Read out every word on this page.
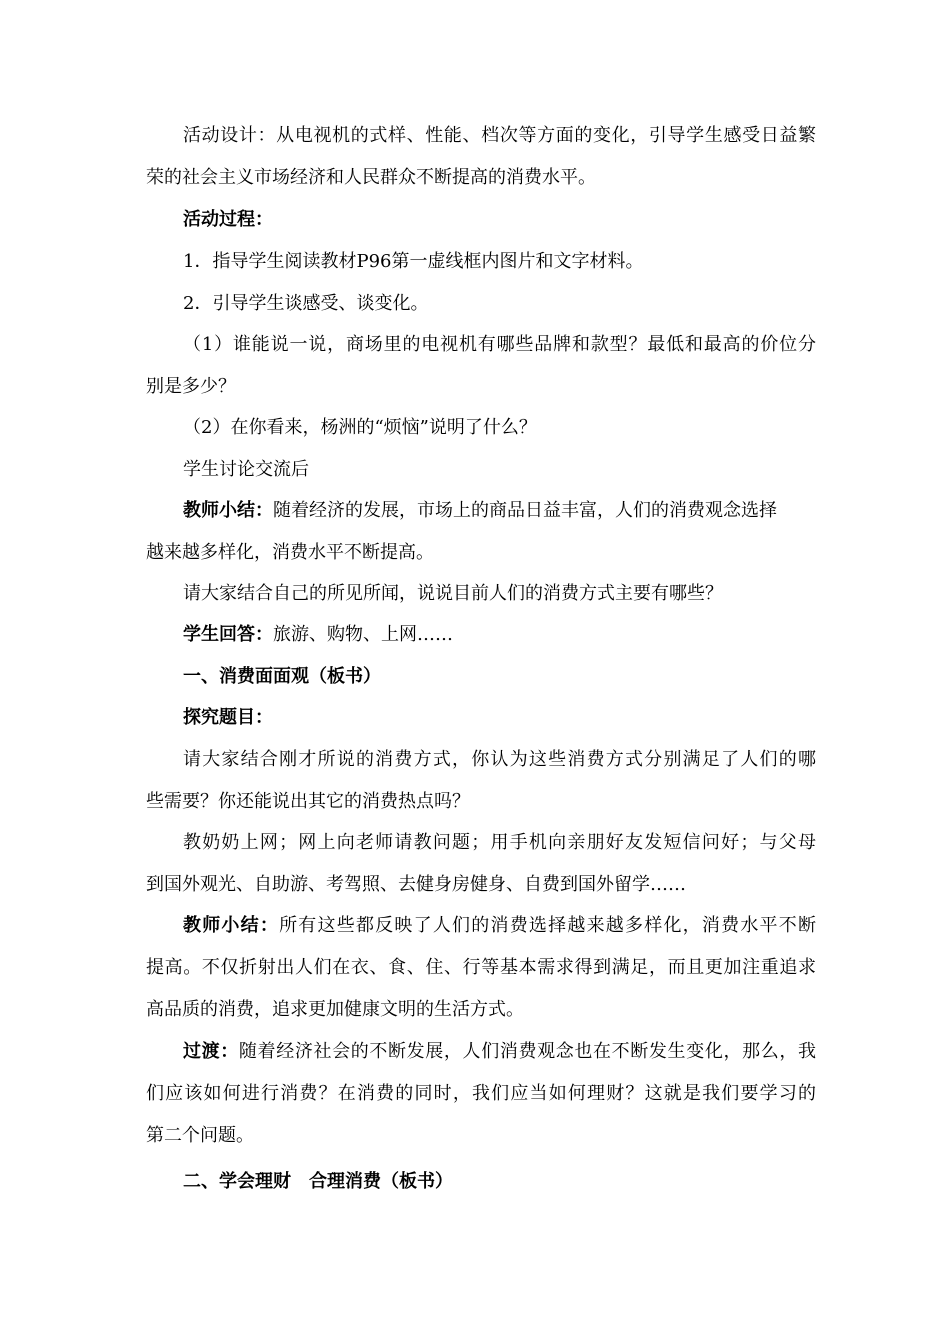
活动设计：从电视机的式样、性能、档次等方面的变化，引导学生感受日益繁
荣的社会主义市场经济和人民群众不断提高的消费水平。
活动过程：
1．指导学生阅读教材P96第一虚线框内图片和文字材料。
2．引导学生谈感受、谈变化。
（1）谁能说一说，商场里的电视机有哪些品牌和款型？最低和最高的价位分
别是多少？
（2）在你看来，杨洲的“烦恼”说明了什么？
学生讨论交流后
教师小结：随着经济的发展，市场上的商品日益丰富，人们的消费观念选择
越来越多样化，消费水平不断提高。
请大家结合自己的所见所闻，说说目前人们的消费方式主要有哪些？
学生回答：旅游、购物、上网……
一、消费面面观（板书）
探究题目：
请大家结合刚才所说的消费方式，你认为这些消费方式分别满足了人们的哪
些需要？你还能说出其它的消费热点吗？
教奶奶上网；网上向老师请教问题；用手机向亲朋好友发短信问好；与父母
到国外观光、自助游、考驾照、去健身房健身、自费到国外留学……
教师小结：所有这些都反映了人们的消费选择越来越多样化，消费水平不断
提高。不仅折射出人们在衣、食、住、行等基本需求得到满足，而且更加注重追求
高品质的消费，追求更加健康文明的生活方式。
过渡：随着经济社会的不断发展，人们消费观念也在不断发生变化，那么，我
们应该如何进行消费？在消费的同时，我们应当如何理财？这就是我们要学习的
第二个问题。
二、学会理财　合理消费（板书）
